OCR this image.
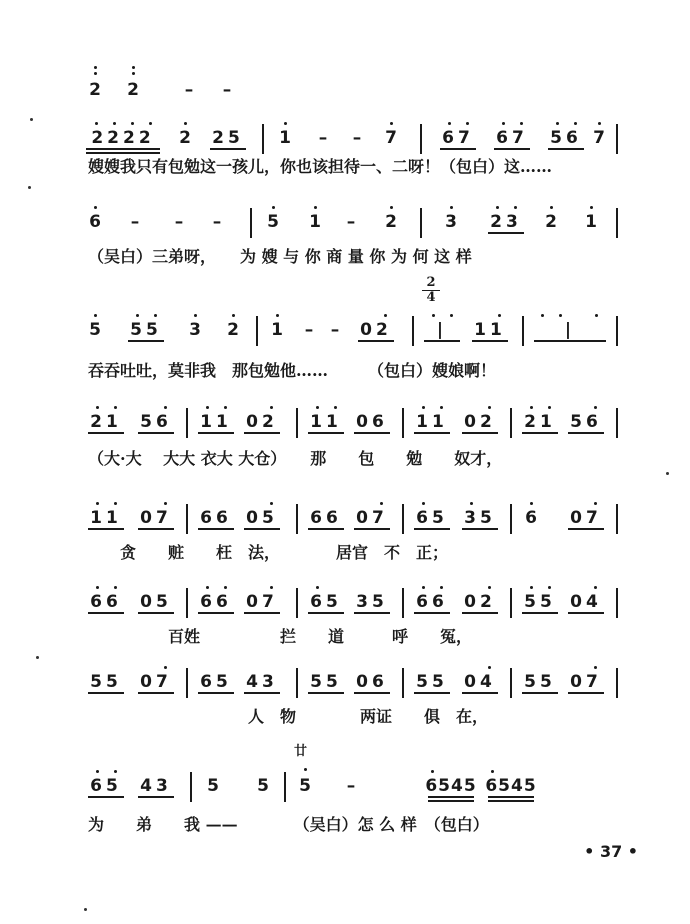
2 2	–	–
2222	2	25	1	–	–	7	67	67	56 7
嫂嫂我只有包勉这一孩儿，你也该担待一、二呀！（包白）这……
6	–	–	–	5 1	–	2	3	23	2 1
（吴白）三弟呀，　　为 嫂 与 你 商 量 你 为 何 这 样
2
4
5	55	3 2 1	–	–	02	|	11	|
吞吞吐吐，莫非我　那包勉他……　　　（包白）嫂娘啊！
21	56	11 02	11 06	11 02	21 56
（大·大　 大大 衣大 大仓）　　那　　包　　勉　　奴才，
11	07	66 05	66 07	65 35	6	07
　　贪　　赃　　枉　法，　　　　居官　不　正；
66	05	66 07	65 35	66 02	55 04
　　　　　百姓　　　　　拦　　道　　　呼　　冤，
55	07	65 43	55 06	55 04	55 07
　　　　　　　　　　人　物　　　　两证　　俱　在，
廿
65	43	5 5 5	–	6545 6545
为　　弟　　我 ——　　　　（吴白）怎 么 样　（包白）
• 37 •
